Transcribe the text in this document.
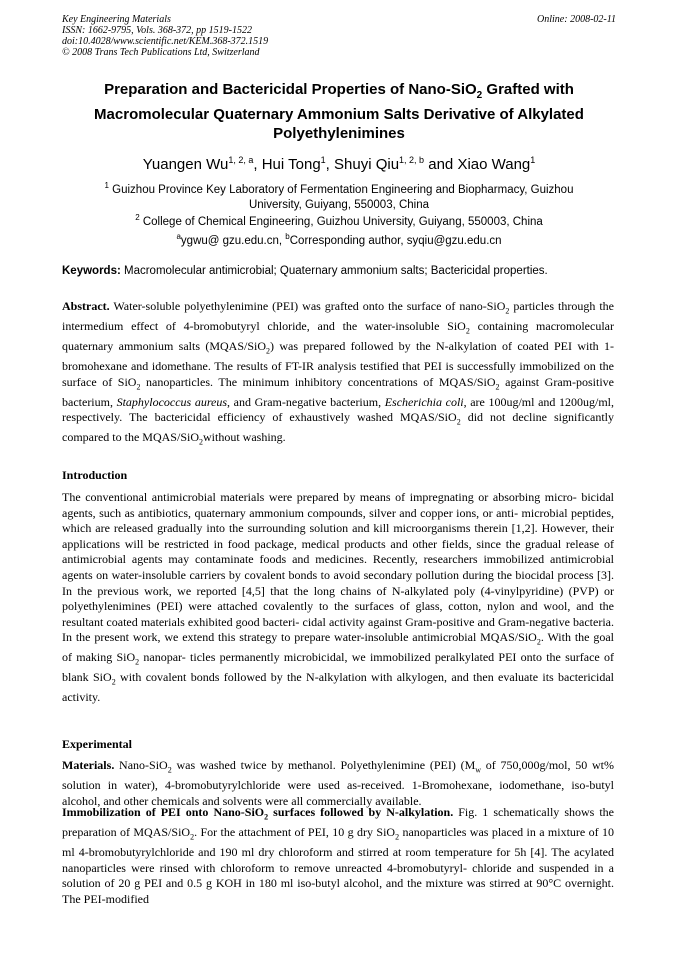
Key Engineering Materials
ISSN: 1662-9795, Vols. 368-372, pp 1519-1522
doi:10.4028/www.scientific.net/KEM.368-372.1519
© 2008 Trans Tech Publications Ltd, Switzerland
Online: 2008-02-11
Preparation and Bactericidal Properties of Nano-SiO$_2$ Grafted with
Macromolecular Quaternary Ammonium Salts Derivative of Alkylated
Polyethylenimines
Yuangen Wu$^{1, 2, a}$, Hui Tong$^1$, Shuyi Qiu$^{1, 2, b}$ and Xiao Wang$^1$
$^1$ Guizhou Province Key Laboratory of Fermentation Engineering and Biopharmacy, Guizhou
University, Guiyang, 550003, China
$^2$ College of Chemical Engineering, Guizhou University, Guiyang, 550003, China
$^a$ygwu@ gzu.edu.cn, $^b$Corresponding author, syqiu@gzu.edu.cn
Keywords: Macromolecular antimicrobial; Quaternary ammonium salts; Bactericidal properties.
Abstract. Water-soluble polyethylenimine (PEI) was grafted onto the surface of nano-SiO$_2$ particles through the intermedium effect of 4-bromobutyryl chloride, and the water-insoluble SiO$_2$ containing macromolecular quaternary ammonium salts (MQAS/SiO$_2$) was prepared followed by the N-alkylation of coated PEI with 1-bromohexane and idomethane. The results of FT-IR analysis testified that PEI is successfully immobilized on the surface of SiO$_2$ nanoparticles. The minimum inhibitory concentrations of MQAS/SiO$_2$ against Gram-positive bacterium, Staphylococcus aureus, and Gram-negative bacterium, Escherichia coli, are 100ug/ml and 1200ug/ml, respectively. The bactericidal efficiency of exhaustively washed MQAS/SiO$_2$ did not decline significantly compared to the MQAS/SiO$_2$without washing.
Introduction
The conventional antimicrobial materials were prepared by means of impregnating or absorbing micro- bicidal agents, such as antibiotics, quaternary ammonium compounds, silver and copper ions, or anti- microbial peptides, which are released gradually into the surrounding solution and kill microorganisms therein [1,2]. However, their applications will be restricted in food package, medical products and other fields, since the gradual release of antimicrobial agents may contaminate foods and medicines. Recently, researchers immobilized antimicrobial agents on water-insoluble carriers by covalent bonds to avoid secondary pollution during the biocidal process [3]. In the previous work, we reported [4,5] that the long chains of N-alkylated poly (4-vinylpyridine) (PVP) or polyethylenimines (PEI) were attached covalently to the surfaces of glass, cotton, nylon and wool, and the resultant coated materials exhibited good bacteri- cidal activity against Gram-positive and Gram-negative bacteria. In the present work, we extend this strategy to prepare water-insoluble antimicrobial MQAS/SiO$_2$. With the goal of making SiO$_2$ nanopar- ticles permanently microbicidal, we immobilized peralkylated PEI onto the surface of blank SiO$_2$ with covalent bonds followed by the N-alkylation with alkylogen, and then evaluate its bactericidal activity.
Experimental
Materials. Nano-SiO$_2$ was washed twice by methanol. Polyethylenimine (PEI) ($M_w$ of 750,000g/mol, 50 wt% solution in water), 4-bromobutyrylchloride were used as-received. 1-Bromohexane, iodomethane, iso-butyl alcohol, and other chemicals and solvents were all commercially available.
Immobilization of PEI onto Nano-SiO$_2$ surfaces followed by N-alkylation. Fig. 1 schematically shows the preparation of MQAS/SiO$_2$. For the attachment of PEI, 10 g dry SiO$_2$ nanoparticles was placed in a mixture of 10 ml 4-bromobutyrylchloride and 190 ml dry chloroform and stirred at room temperature for 5h [4]. The acylated nanoparticles were rinsed with chloroform to remove unreacted 4-bromobutyryl- chloride and suspended in a solution of 20 g PEI and 0.5 g KOH in 180 ml iso-butyl alcohol, and the mixture was stirred at 90°C overnight. The PEI-modified
